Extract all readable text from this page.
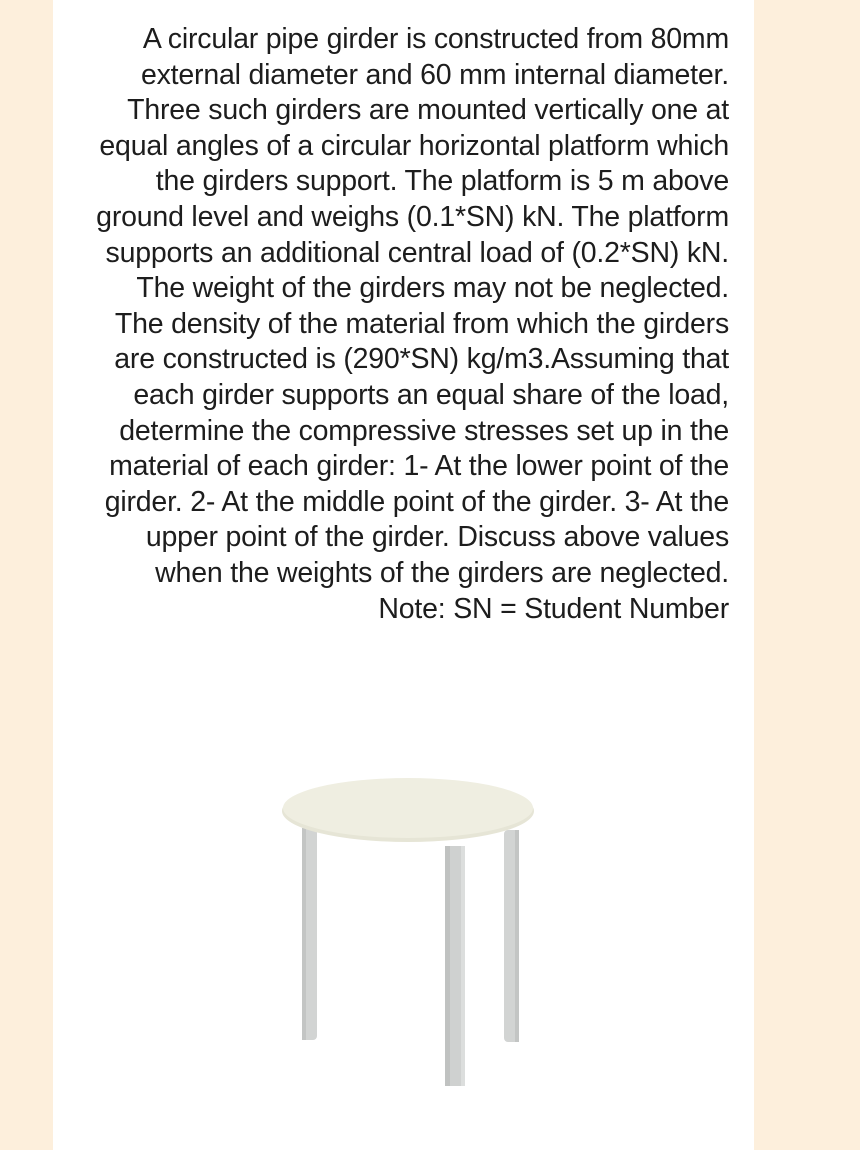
A circular pipe girder is constructed from 80mm external diameter and 60 mm internal diameter. Three such girders are mounted vertically one at equal angles of a circular horizontal platform which the girders support. The platform is 5 m above ground level and weighs (0.1*SN) kN. The platform supports an additional central load of (0.2*SN) kN. The weight of the girders may not be neglected. The density of the material from which the girders are constructed is (290*SN) kg/m3.Assuming that each girder supports an equal share of the load, determine the compressive stresses set up in the material of each girder: 1- At the lower point of the girder. 2- At the middle point of the girder. 3- At the upper point of the girder. Discuss above values when the weights of the girders are neglected. Note: SN = Student Number
